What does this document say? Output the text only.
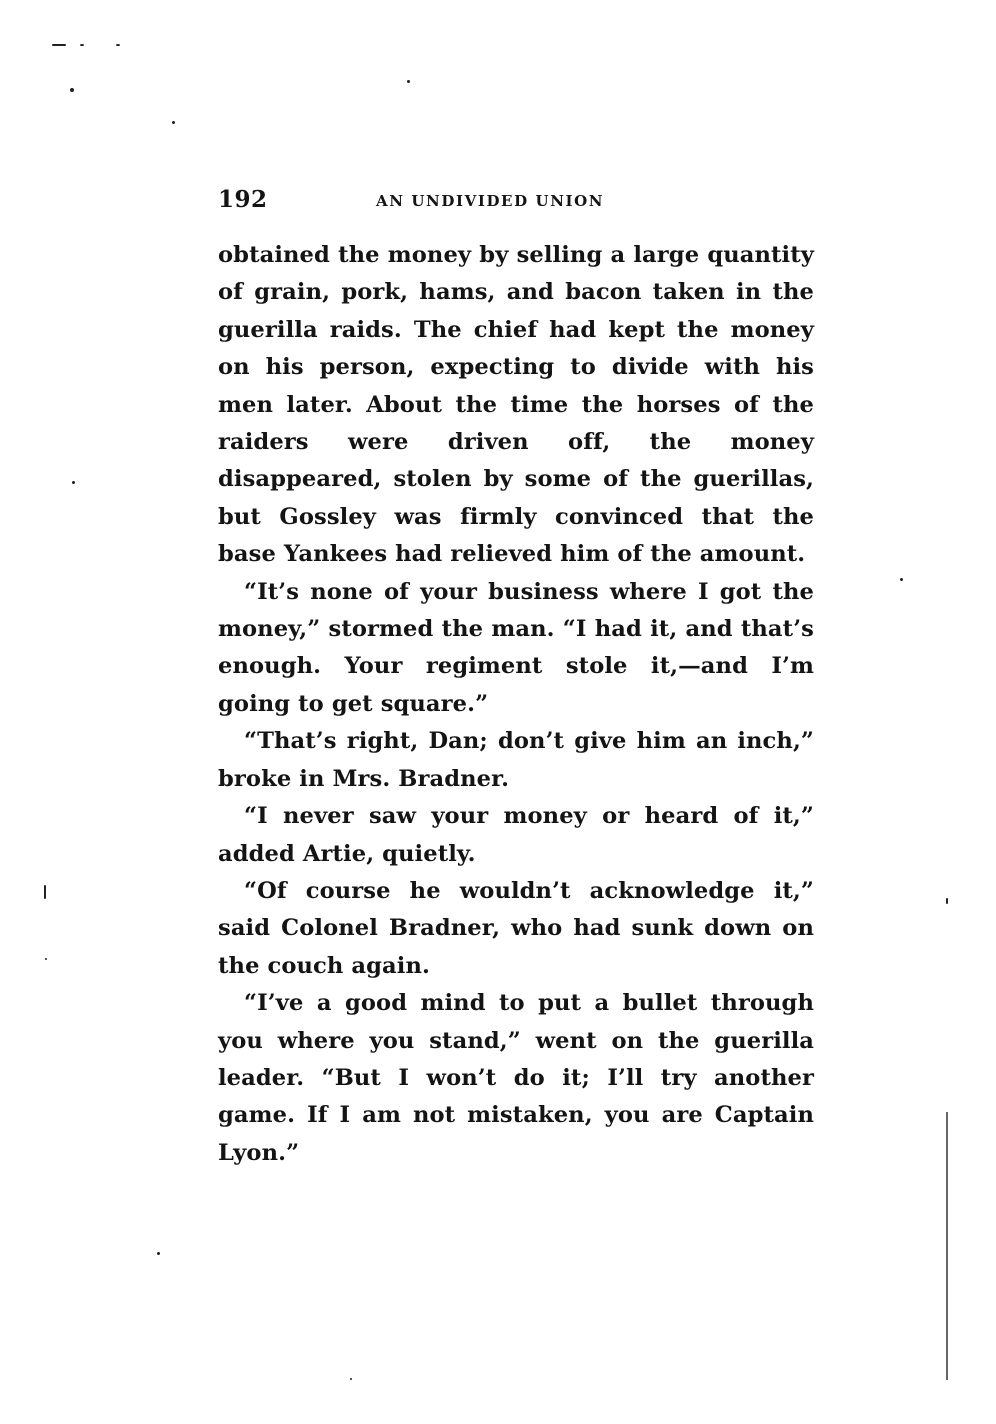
192	AN UNDIVIDED UNION

obtained the money by selling a large quantity of grain, pork, hams, and bacon taken in the guerilla raids. The chief had kept the money on his person, expecting to divide with his men later. About the time the horses of the raiders were driven off, the money disappeared, stolen by some of the guerillas, but Gossley was firmly convinced that the base Yankees had relieved him of the amount.

“It’s none of your business where I got the money,” stormed the man. “I had it, and that’s enough. Your regiment stole it,—and I’m going to get square.”

“That’s right, Dan; don’t give him an inch,” broke in Mrs. Bradner.

“I never saw your money or heard of it,” added Artie, quietly.

“Of course he wouldn’t acknowledge it,” said Colonel Bradner, who had sunk down on the couch again.

“I’ve a good mind to put a bullet through you where you stand,” went on the guerilla leader. “But I won’t do it; I’ll try another game. If I am not mistaken, you are Captain Lyon.”
